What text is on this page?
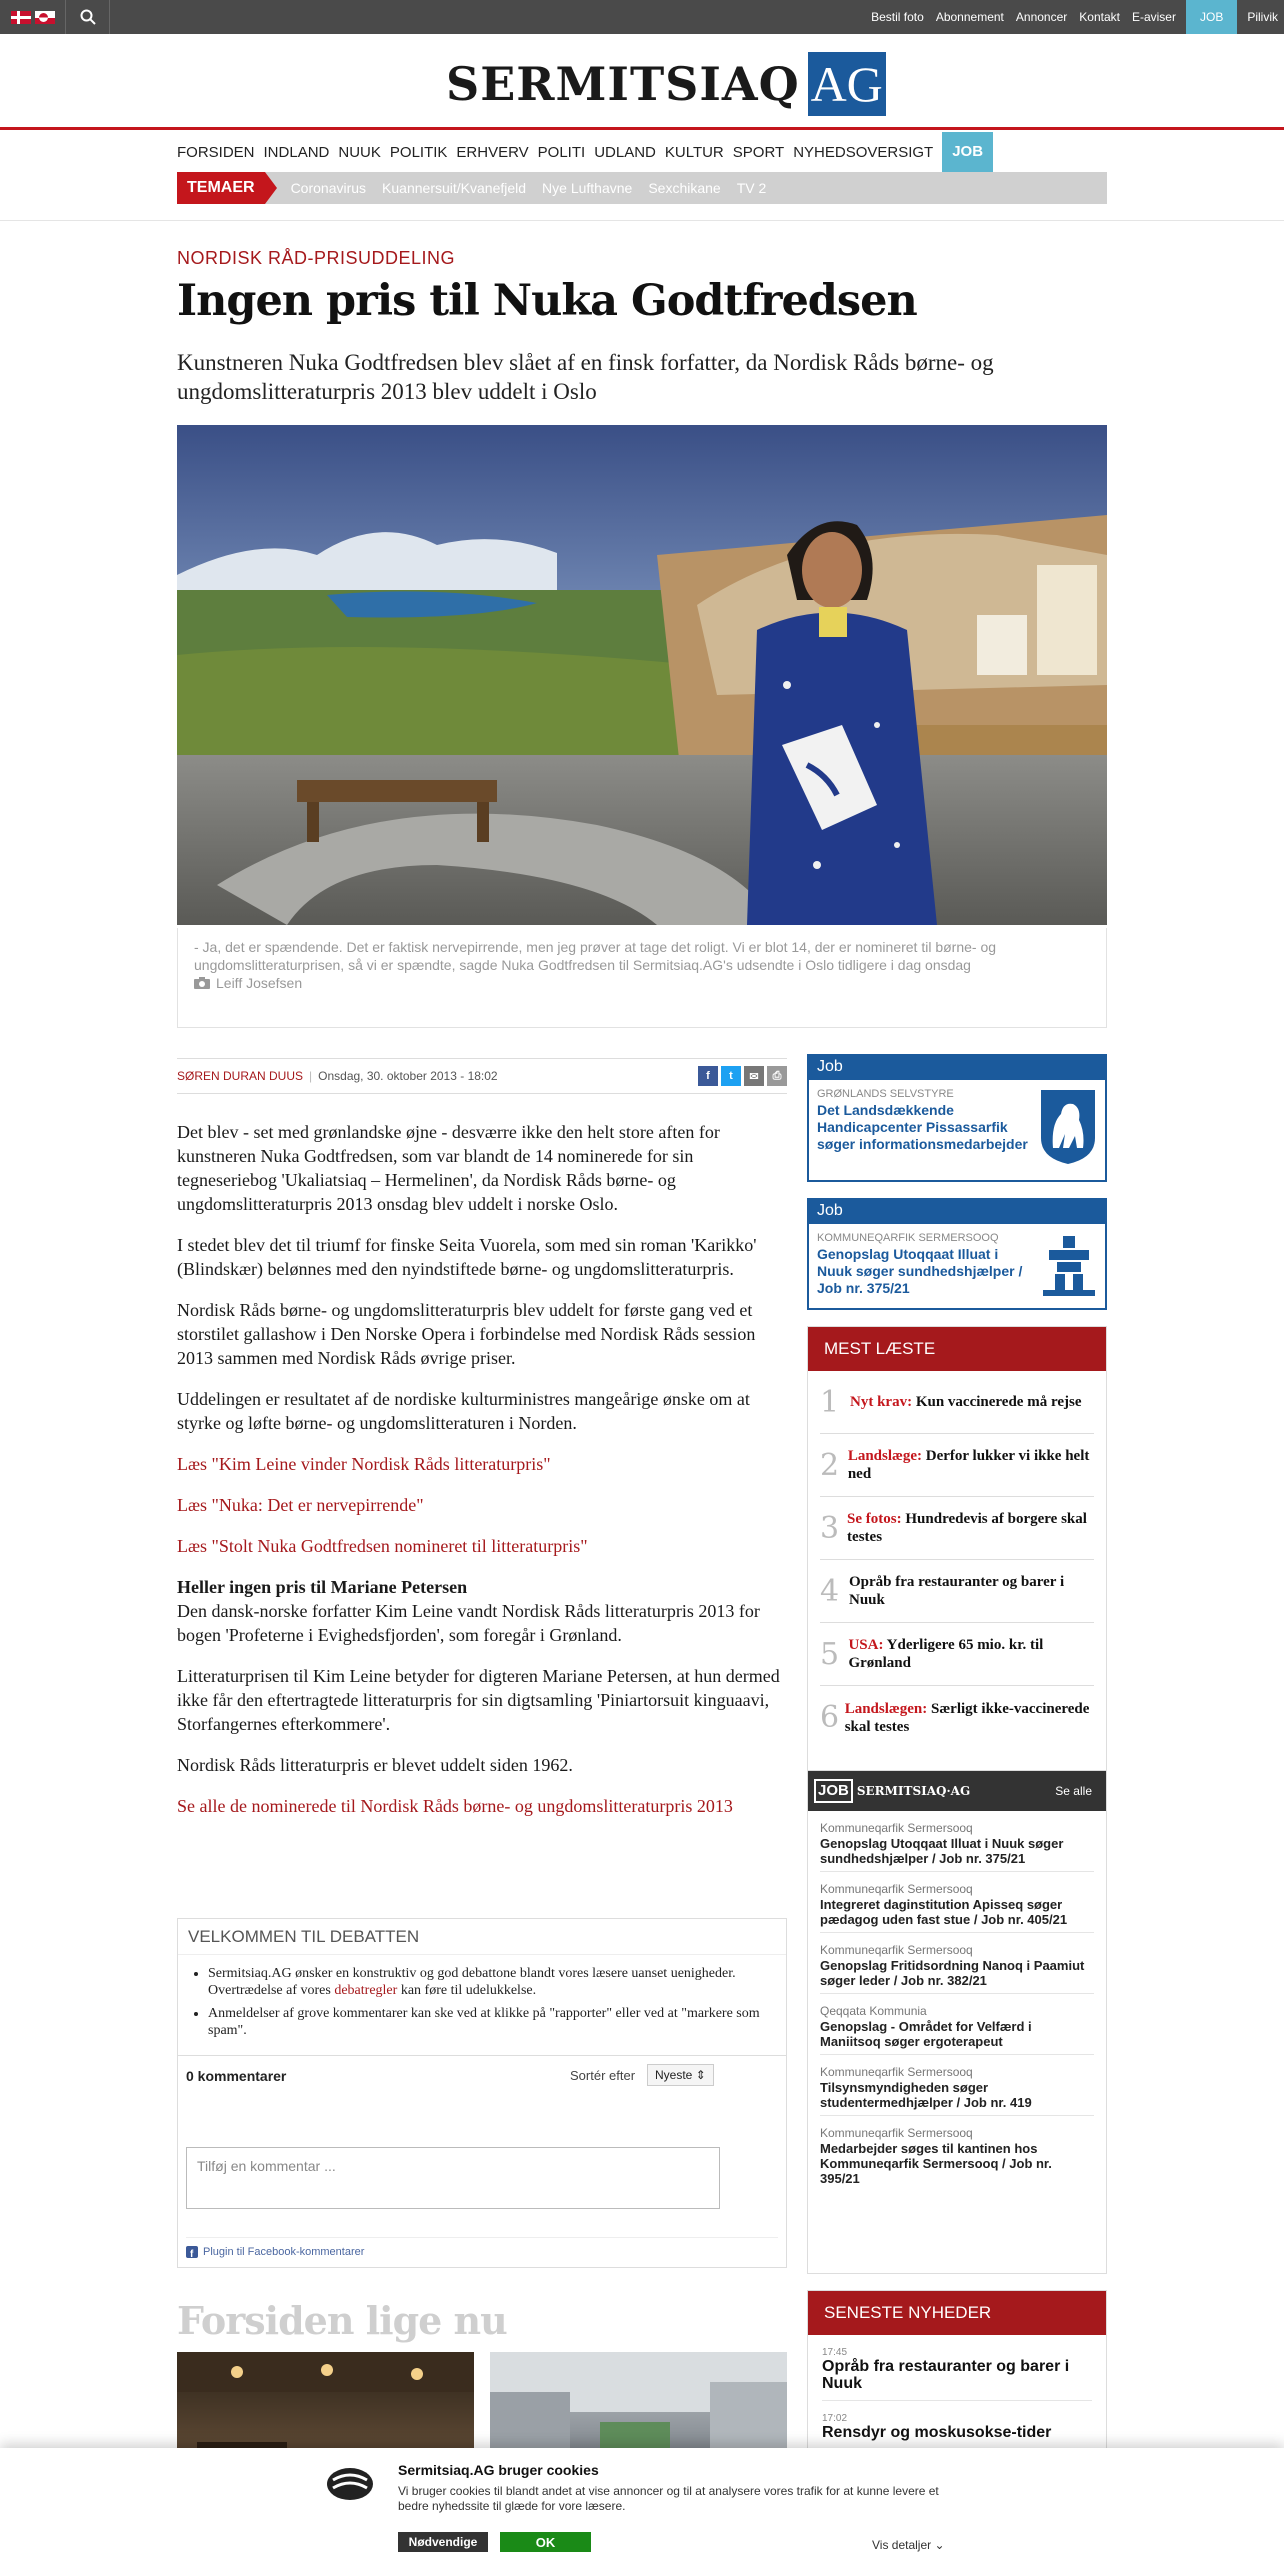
Bestil foto	Abonnement	Annoncer	Kontakt	E-aviser	JOB	Pilivik
SERMITSIAQ AG
FORSIDEN INDLAND NUUK POLITIK ERHVERV POLITI UDLAND KULTUR SPORT NYHEDSOVERSIGT	JOB
TEMAER	Coronavirus Kuannersuit/Kvanefjeld Nye Lufthavne Sexchikane TV 2
NORDISK RÅD-PRISUDDELING
Ingen pris til Nuka Godtfredsen
Kunstneren Nuka Godtfredsen blev slået af en finsk forfatter, da Nordisk Råds børne- og ungdomslitteraturpris 2013 blev uddelt i Oslo
- Ja, det er spændende. Det er faktisk nervepirrende, men jeg prøver at tage det roligt. Vi er blot 14, der er nomineret til børne- og ungdomslitteraturprisen, så vi er spændte, sagde Nuka Godtfredsen til Sermitsiaq.AG's udsendte i Oslo tidligere i dag onsdag
Leiff Josefsen
SØREN DURAN DUUS | Onsdag, 30. oktober 2013 - 18:02	f	t	✉	⎙

Det blev - set med grønlandske øjne - desværre ikke den helt store aften for kunstneren Nuka Godtfredsen, som var blandt de 14 nominerede for sin tegneseriebog 'Ukaliatsiaq – Hermelinen', da Nordisk Råds børne- og ungdomslitteraturpris 2013 onsdag blev uddelt i norske Oslo.

I stedet blev det til triumf for finske Seita Vuorela, som med sin roman 'Karikko' (Blindskær) belønnes med den nyindstiftede børne- og ungdomslitteraturpris.

Nordisk Råds børne- og ungdomslitteraturpris blev uddelt for første gang ved et storstilet gallashow i Den Norske Opera i forbindelse med Nordisk Råds session 2013 sammen med Nordisk Råds øvrige priser.

Uddelingen er resultatet af de nordiske kulturministres mangeårige ønske om at styrke og løfte børne- og ungdomslitteraturen i Norden.

Læs "Kim Leine vinder Nordisk Råds litteraturpris"
Læs "Nuka: Det er nervepirrende"
Læs "Stolt Nuka Godtfredsen nomineret til litteraturpris"

Heller ingen pris til Mariane Petersen
Den dansk-norske forfatter Kim Leine vandt Nordisk Råds litteraturpris 2013 for bogen 'Profeterne i Evighedsfjorden', som foregår i Grønland.

Litteraturprisen til Kim Leine betyder for digteren Mariane Petersen, at hun dermed ikke får den eftertragtede litteraturpris for sin digtsamling 'Piniartorsuit kinguaavi, Storfangernes efterkommere'.

Nordisk Råds litteraturpris er blevet uddelt siden 1962.

Se alle de nominerede til Nordisk Råds børne- og ungdomslitteraturpris 2013
VELKOMMEN TIL DEBATTEN
• Sermitsiaq.AG ønsker en konstruktiv og god debattone blandt vores læsere uanset uenigheder. Overtrædelse af vores debatregler kan føre til udelukkelse.
• Anmeldelser af grove kommentarer kan ske ved at klikke på "rapporter" eller ved at "markere som spam".
0 kommentarer	Sortér efter	Nyeste ⇕
Tilføj en kommentar ...
f Plugin til Facebook-kommentarer
Forsiden lige nu
Job
GRØNLANDS SELVSTYRE
Det Landsdækkende Handicapcenter Pissassarfik søger informationsmedarbejder
Job
KOMMUNEQARFIK SERMERSOOQ
Genopslag Utoqqaat Illuat i Nuuk søger sundhedshjælper / Job nr. 375/21
MEST LÆSTE
1 Nyt krav: Kun vaccinerede må rejse
2 Landslæge: Derfor lukker vi ikke helt ned
3 Se fotos: Hundredevis af borgere skal testes
4 Opråb fra restauranter og barer i Nuuk
5 USA: Yderligere 65 mio. kr. til Grønland
6 Landslægen: Særligt ikke-vaccinerede skal testes
JOB SERMITSIAQ·AG	Se alle
Kommuneqarfik Sermersooq
Genopslag Utoqqaat Illuat i Nuuk søger sundhedshjælper / Job nr. 375/21
Kommuneqarfik Sermersooq
Integreret daginstitution Apisseq søger pædagog uden fast stue / Job nr. 405/21
Kommuneqarfik Sermersooq
Genopslag Fritidsordning Nanoq i Paamiut søger leder / Job nr. 382/21
Qeqqata Kommunia
Genopslag - Området for Velfærd i Maniitsoq søger ergoterapeut
Kommuneqarfik Sermersooq
Tilsynsmyndigheden søger studentermedhjælper / Job nr. 419
Kommuneqarfik Sermersooq
Medarbejder søges til kantinen hos Kommuneqarfik Sermersooq / Job nr. 395/21
SENESTE NYHEDER
17:45
Opråb fra restauranter og barer i Nuuk
17:02
Rensdyr og moskusokse-tider
Sermitsiaq.AG bruger cookies
Vi bruger cookies til blandt andet at vise annoncer og til at analysere vores trafik for at kunne levere et bedre nyhedssite til glæde for vore læsere.
Nødvendige	OK	Vis detaljer ⌄
